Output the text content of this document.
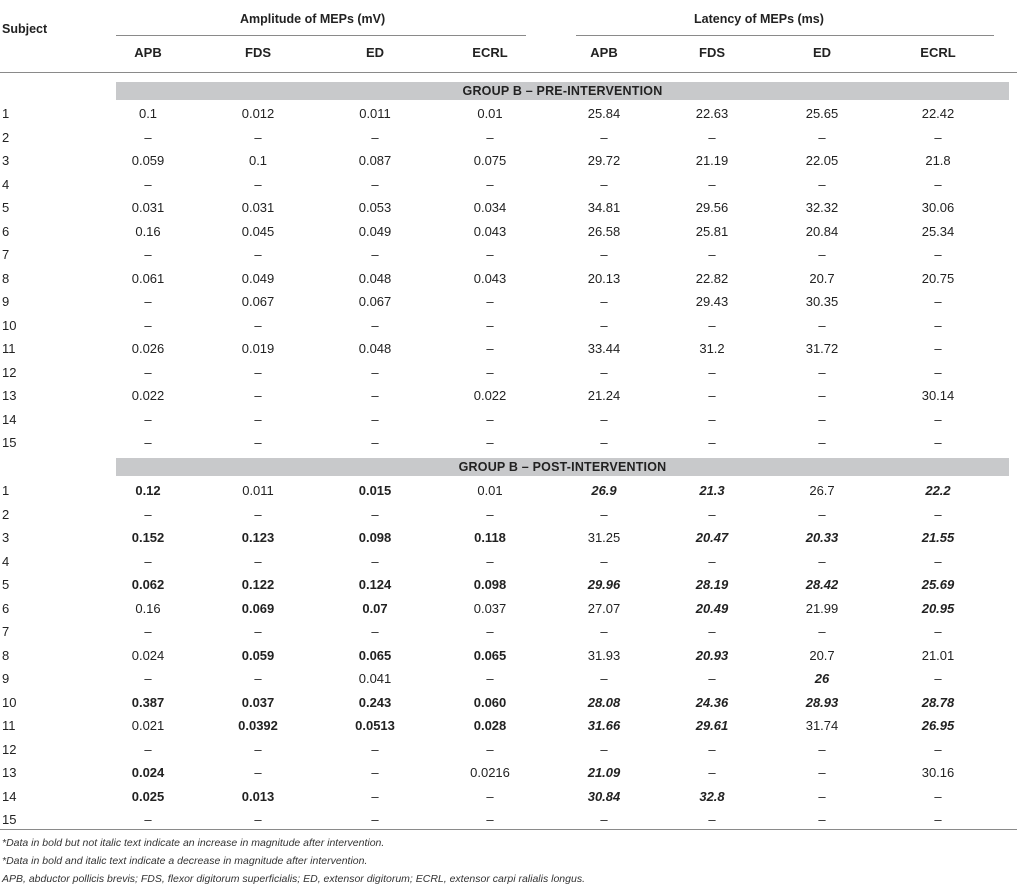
Subject
Amplitude of MEPs (mV)	Latency of MEPs (ms)
APB	FDS	ED	ECRL	APB	FDS	ED	ECRL
GROUP B – PRE-INTERVENTION
1	0.1	0.012	0.011	0.01	25.84	22.63	25.65	22.42
2	–	–	–	–	–	–	–	–
3	0.059	0.1	0.087	0.075	29.72	21.19	22.05	21.8
4	–	–	–	–	–	–	–	–
5	0.031	0.031	0.053	0.034	34.81	29.56	32.32	30.06
6	0.16	0.045	0.049	0.043	26.58	25.81	20.84	25.34
7	–	–	–	–	–	–	–	–
8	0.061	0.049	0.048	0.043	20.13	22.82	20.7	20.75
9	–	0.067	0.067	–	–	29.43	30.35	–
10	–	–	–	–	–	–	–	–
11	0.026	0.019	0.048	–	33.44	31.2	31.72	–
12	–	–	–	–	–	–	–	–
13	0.022	–	–	0.022	21.24	–	–	30.14
14	–	–	–	–	–	–	–	–
15	–	–	–	–	–	–	–	–
GROUP B – POST-INTERVENTION
1	0.12	0.011	0.015	0.01	26.9	21.3	26.7	22.2
2	–	–	–	–	–	–	–	–
3	0.152	0.123	0.098	0.118	31.25	20.47	20.33	21.55
4	–	–	–	–	–	–	–	–
5	0.062	0.122	0.124	0.098	29.96	28.19	28.42	25.69
6	0.16	0.069	0.07	0.037	27.07	20.49	21.99	20.95
7	–	–	–	–	–	–	–	–
8	0.024	0.059	0.065	0.065	31.93	20.93	20.7	21.01
9	–	–	0.041	–	–	–	26	–
10	0.387	0.037	0.243	0.060	28.08	24.36	28.93	28.78
11	0.021	0.0392	0.0513	0.028	31.66	29.61	31.74	26.95
12	–	–	–	–	–	–	–	–
13	0.024	–	–	0.0216	21.09	–	–	30.16
14	0.025	0.013	–	–	30.84	32.8	–	–
15	–	–	–	–	–	–	–	–
*Data in bold but not italic text indicate an increase in magnitude after intervention.
*Data in bold and italic text indicate a decrease in magnitude after intervention.
APB, abductor pollicis brevis; FDS, flexor digitorum superficialis; ED, extensor digitorum; ECRL, extensor carpi ralialis longus.
